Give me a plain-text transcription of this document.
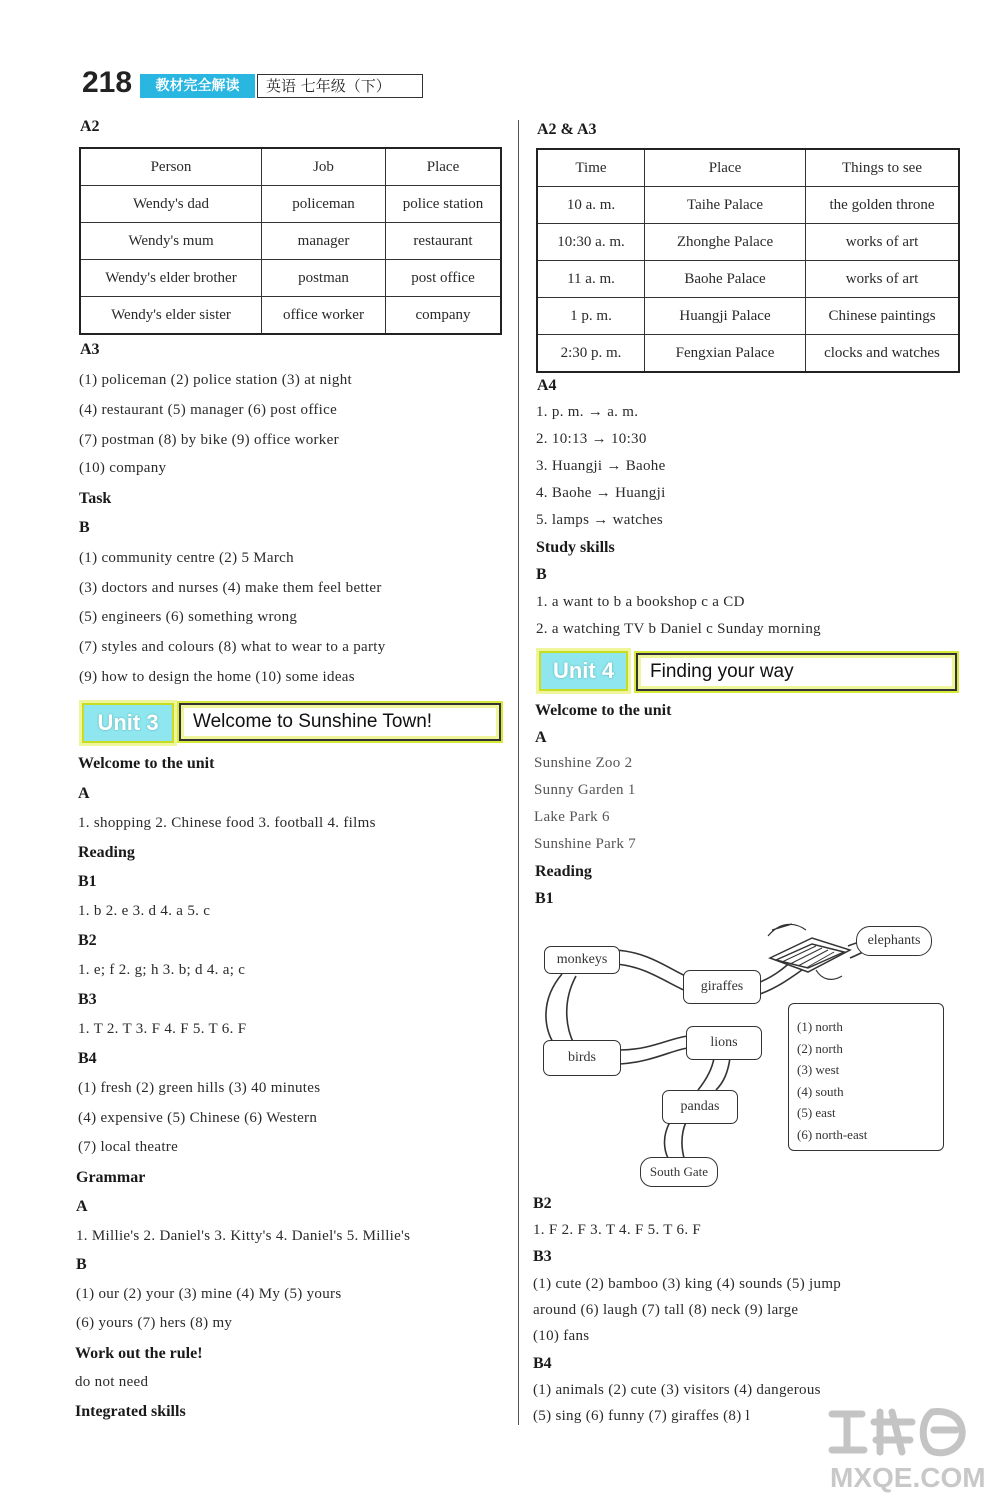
218	教材完全解读	英语 七年级（下）
A2
Person	Job	Place
Wendy's dad	policeman	police station
Wendy's mum	manager	restaurant
Wendy's elder brother	postman	post office
Wendy's elder sister	office worker	company
A3
(1) policeman (2) police station (3) at night
(4) restaurant (5) manager (6) post office
(7) postman (8) by bike (9) office worker
(10) company
Task
B
(1) community centre (2) 5 March
(3) doctors and nurses (4) make them feel better
(5) engineers (6) something wrong
(7) styles and colours (8) what to wear to a party
(9) how to design the home (10) some ideas
Unit 3	Welcome to Sunshine Town!
Welcome to the unit
A
1. shopping 2. Chinese food 3. football 4. films
Reading
B1
1. b 2. e 3. d 4. a 5. c
B2
1. e; f 2. g; h 3. b; d 4. a; c
B3
1. T 2. T 3. F 4. F 5. T 6. F
B4
(1) fresh (2) green hills (3) 40 minutes
(4) expensive (5) Chinese (6) Western
(7) local theatre
Grammar
A
1. Millie's 2. Daniel's 3. Kitty's 4. Daniel's 5. Millie's
B
(1) our (2) your (3) mine (4) My (5) yours
(6) yours (7) hers (8) my
Work out the rule!
do not need
Integrated skills
A2 & A3
Time	Place	Things to see
10 a. m.	Taihe Palace	the golden throne
10:30 a. m.	Zhonghe Palace	works of art
11 a. m.	Baohe Palace	works of art
1 p. m.	Huangji Palace	Chinese paintings
2:30 p. m.	Fengxian Palace	clocks and watches
A4
1. p. m. → a. m.
2. 10:13 → 10:30
3. Huangji → Baohe
4. Baohe → Huangji
5. lamps → watches
Study skills
B
1. a want to b a bookshop c a CD
2. a watching TV b Daniel c Sunday morning
Unit 4	Finding your way
Welcome to the unit
A
Sunshine Zoo 2
Sunny Garden 1
Lake Park 6
Sunshine Park 7
Reading
B1
monkeys
giraffes
elephants
lions
birds
pandas
South Gate
(1) north
(2) north
(3) west
(4) south
(5) east
(6) north-east
B2
1. F 2. F 3. T 4. F 5. T 6. F
B3
(1) cute (2) bamboo (3) king (4) sounds (5) jump
around (6) laugh (7) tall (8) neck (9) large
(10) fans
B4
(1) animals (2) cute (3) visitors (4) dangerous
(5) sing (6) funny (7) giraffes (8) l
MXQE.COM
